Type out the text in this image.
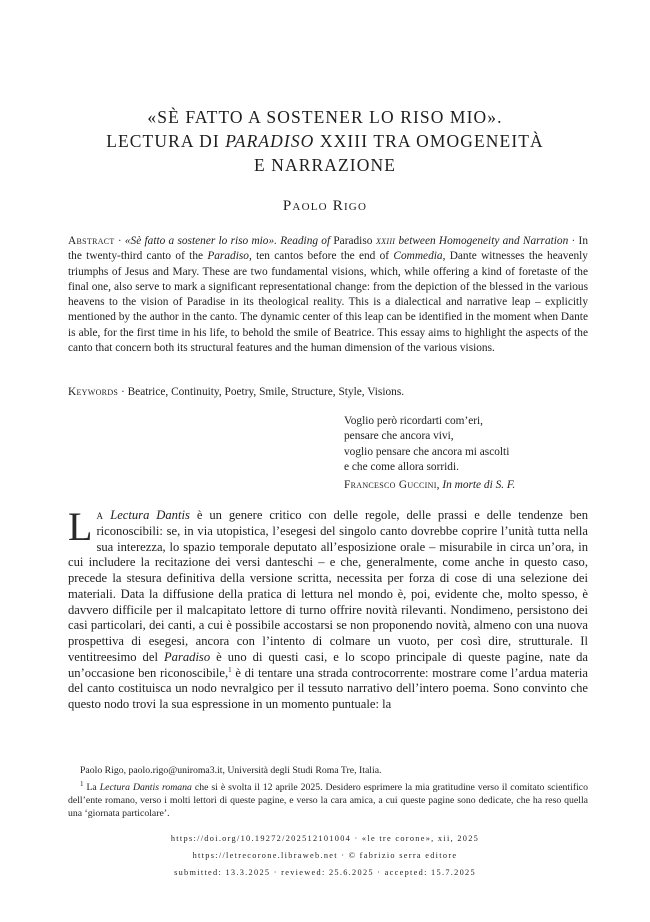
«SÈ FATTO A SOSTENER LO RISO MIO».
LECTURA DI PARADISO XXIII TRA OMOGENEITÀ
E NARRAZIONE
Paolo Rigo
Abstract · «Sè fatto a sostener lo riso mio». Reading of Paradiso xxiii between Homogeneity and Narration · In the twenty-third canto of the Paradiso, ten cantos before the end of Commedia, Dante witnesses the heavenly triumphs of Jesus and Mary. These are two fundamental visions, which, while offering a kind of foretaste of the final one, also serve to mark a significant representational change: from the depiction of the blessed in the various heavens to the vision of Paradise in its theological reality. This is a dialectical and narrative leap – explicitly mentioned by the author in the canto. The dynamic center of this leap can be identified in the moment when Dante is able, for the first time in his life, to behold the smile of Beatrice. This essay aims to highlight the aspects of the canto that concern both its structural features and the human dimension of the various visions.
Keywords · Beatrice, Continuity, Poetry, Smile, Structure, Style, Visions.
Voglio però ricordarti com’eri,
pensare che ancora vivi,
voglio pensare che ancora mi ascolti
e che come allora sorridi.
Francesco Guccini, In morte di S. F.

La Lectura Dantis è un genere critico con delle regole, delle prassi e delle tendenze ben riconoscibili: se, in via utopistica, l’esegesi del singolo canto dovrebbe coprire l’unità tutta nella sua interezza, lo spazio temporale deputato all’esposizione orale – misurabile in circa un’ora, in cui includere la recitazione dei versi danteschi – e che, generalmente, come anche in questo caso, precede la stesura definitiva della versione scritta, necessita per forza di cose di una selezione dei materiali. Data la diffusione della pratica di lettura nel mondo è, poi, evidente che, molto spesso, è davvero difficile per il malcapitato lettore di turno offrire novità rilevanti. Nondimeno, persistono dei casi particolari, dei canti, a cui è possibile accostarsi se non proponendo novità, almeno con una nuova prospettiva di esegesi, ancora con l’intento di colmare un vuoto, per così dire, strutturale. Il ventitreesimo del Paradiso è uno di questi casi, e lo scopo principale di queste pagine, nate da un’occasione ben riconoscibile,$^1$ è di tentare una strada controcorrente: mostrare come l’ardua materia del canto costituisca un nodo nevralgico per il tessuto narrativo dell’intero poema. Sono convinto che questo nodo trovi la sua espressione in un momento puntuale: la

Paolo Rigo, paolo.rigo@uniroma3.it, Università degli Studi Roma Tre, Italia.
$^1$ La Lectura Dantis romana che si è svolta il 12 aprile 2025. Desidero esprimere la mia gratitudine verso il comitato scientifico dell’ente romano, verso i molti lettori di queste pagine, e verso la cara amica, a cui queste pagine sono dedicate, che ha reso quella una ‘giornata particolare’.
https://doi.org/10.19272/202512101004 · «le tre corone», xii, 2025
https://letrecorone.libraweb.net · © fabrizio serra editore
submitted: 13.3.2025 · reviewed: 25.6.2025 · accepted: 15.7.2025
